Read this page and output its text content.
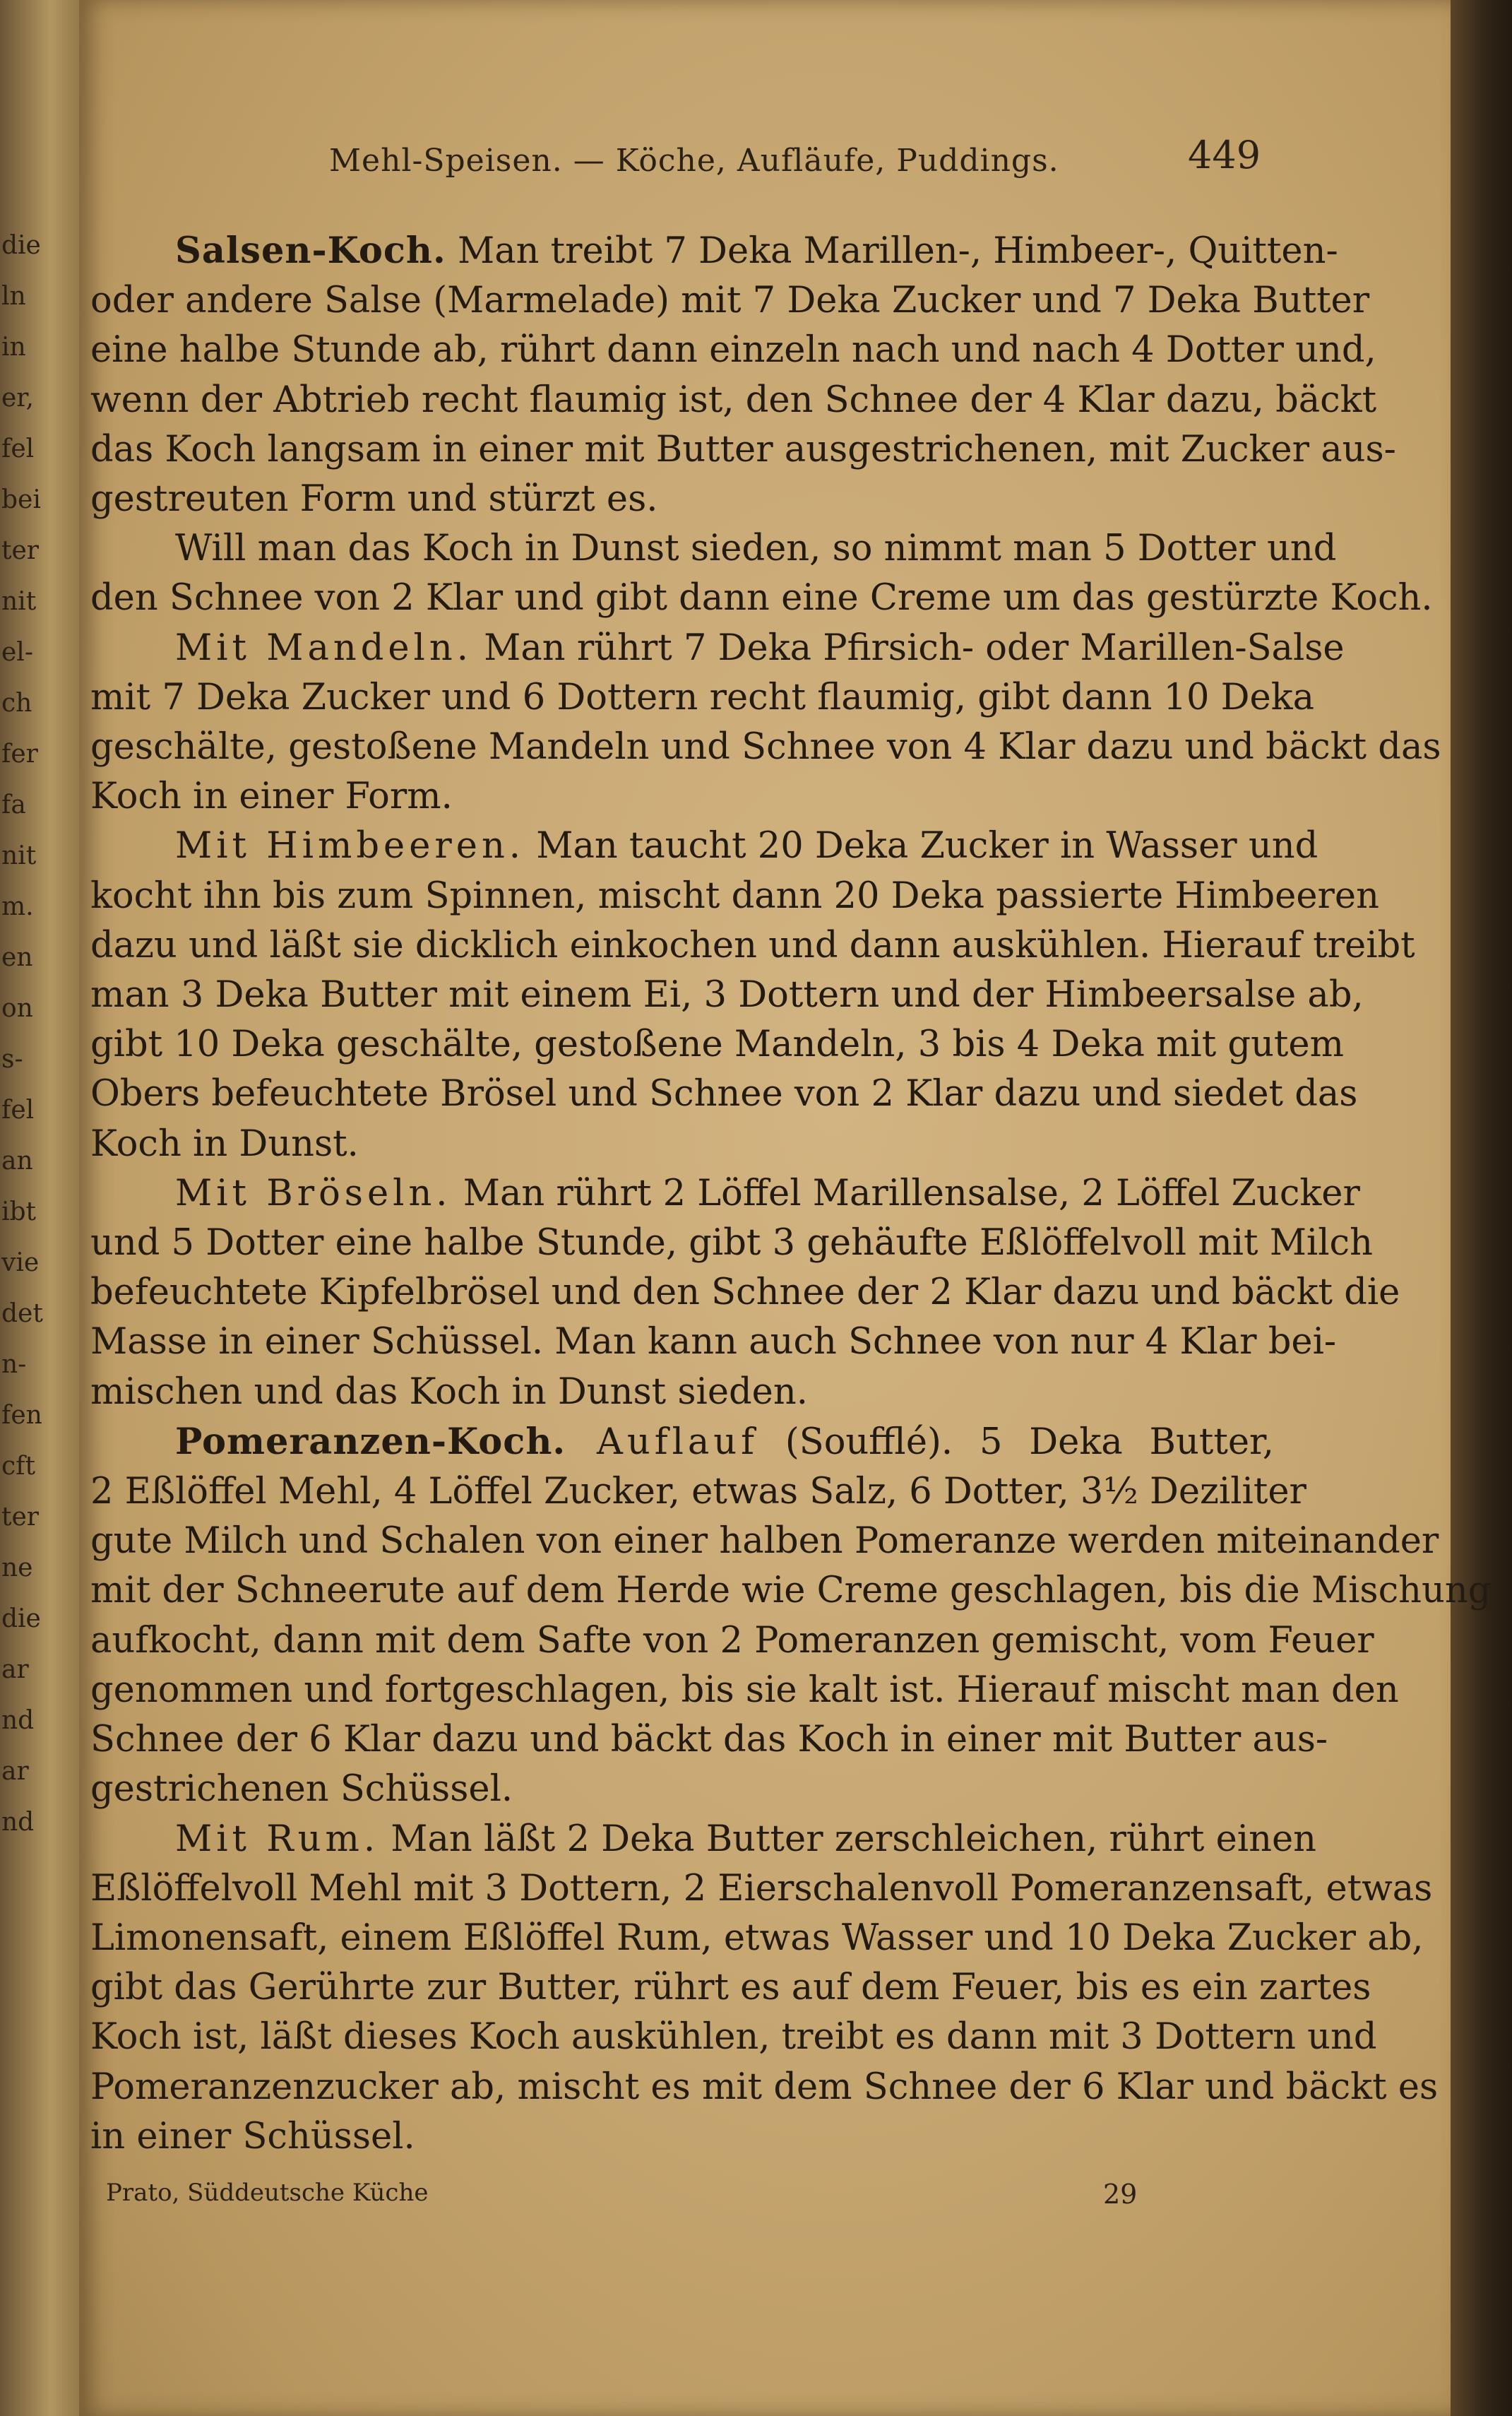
die
ln
in
er,
fel
bei
ter
nit
el-
ch
fer
fa
nit
m.
en
on
s-
fel
an
ibt
vie
det
n-
fen
cft
ter
ne
die
ar
nd
ar
nd
Mehl-Speisen. — Köche, Aufläufe, Puddings.	449
Salsen-Koch. Man treibt 7 Deka Marillen-, Himbeer-, Quitten-
oder andere Salse (Marmelade) mit 7 Deka Zucker und 7 Deka Butter
eine halbe Stunde ab, rührt dann einzeln nach und nach 4 Dotter und,
wenn der Abtrieb recht flaumig ist, den Schnee der 4 Klar dazu, bäckt
das Koch langsam in einer mit Butter ausgestrichenen, mit Zucker aus-
gestreuten Form und stürzt es.
Will man das Koch in Dunst sieden, so nimmt man 5 Dotter und
den Schnee von 2 Klar und gibt dann eine Creme um das gestürzte Koch.
Mit Mandeln. Man rührt 7 Deka Pfirsich- oder Marillen-Salse
mit 7 Deka Zucker und 6 Dottern recht flaumig, gibt dann 10 Deka
geschälte, gestoßene Mandeln und Schnee von 4 Klar dazu und bäckt das
Koch in einer Form.
Mit Himbeeren. Man taucht 20 Deka Zucker in Wasser und
kocht ihn bis zum Spinnen, mischt dann 20 Deka passierte Himbeeren
dazu und läßt sie dicklich einkochen und dann auskühlen. Hierauf treibt
man 3 Deka Butter mit einem Ei, 3 Dottern und der Himbeersalse ab,
gibt 10 Deka geschälte, gestoßene Mandeln, 3 bis 4 Deka mit gutem
Obers befeuchtete Brösel und Schnee von 2 Klar dazu und siedet das
Koch in Dunst.
Mit Bröseln. Man rührt 2 Löffel Marillensalse, 2 Löffel Zucker
und 5 Dotter eine halbe Stunde, gibt 3 gehäufte Eßlöffelvoll mit Milch
befeuchtete Kipfelbrösel und den Schnee der 2 Klar dazu und bäckt die
Masse in einer Schüssel. Man kann auch Schnee von nur 4 Klar bei-
mischen und das Koch in Dunst sieden.
Pomeranzen-Koch. Auflauf (Soufflé). 5 Deka Butter,
2 Eßlöffel Mehl, 4 Löffel Zucker, etwas Salz, 6 Dotter, 3½ Deziliter
gute Milch und Schalen von einer halben Pomeranze werden miteinander
mit der Schneerute auf dem Herde wie Creme geschlagen, bis die Mischung
aufkocht, dann mit dem Safte von 2 Pomeranzen gemischt, vom Feuer
genommen und fortgeschlagen, bis sie kalt ist. Hierauf mischt man den
Schnee der 6 Klar dazu und bäckt das Koch in einer mit Butter aus-
gestrichenen Schüssel.
Mit Rum. Man läßt 2 Deka Butter zerschleichen, rührt einen
Eßlöffelvoll Mehl mit 3 Dottern, 2 Eierschalenvoll Pomeranzensaft, etwas
Limonensaft, einem Eßlöffel Rum, etwas Wasser und 10 Deka Zucker ab,
gibt das Gerührte zur Butter, rührt es auf dem Feuer, bis es ein zartes
Koch ist, läßt dieses Koch auskühlen, treibt es dann mit 3 Dottern und
Pomeranzenzucker ab, mischt es mit dem Schnee der 6 Klar und bäckt es
in einer Schüssel.
Prato, Süddeutsche Küche	29
